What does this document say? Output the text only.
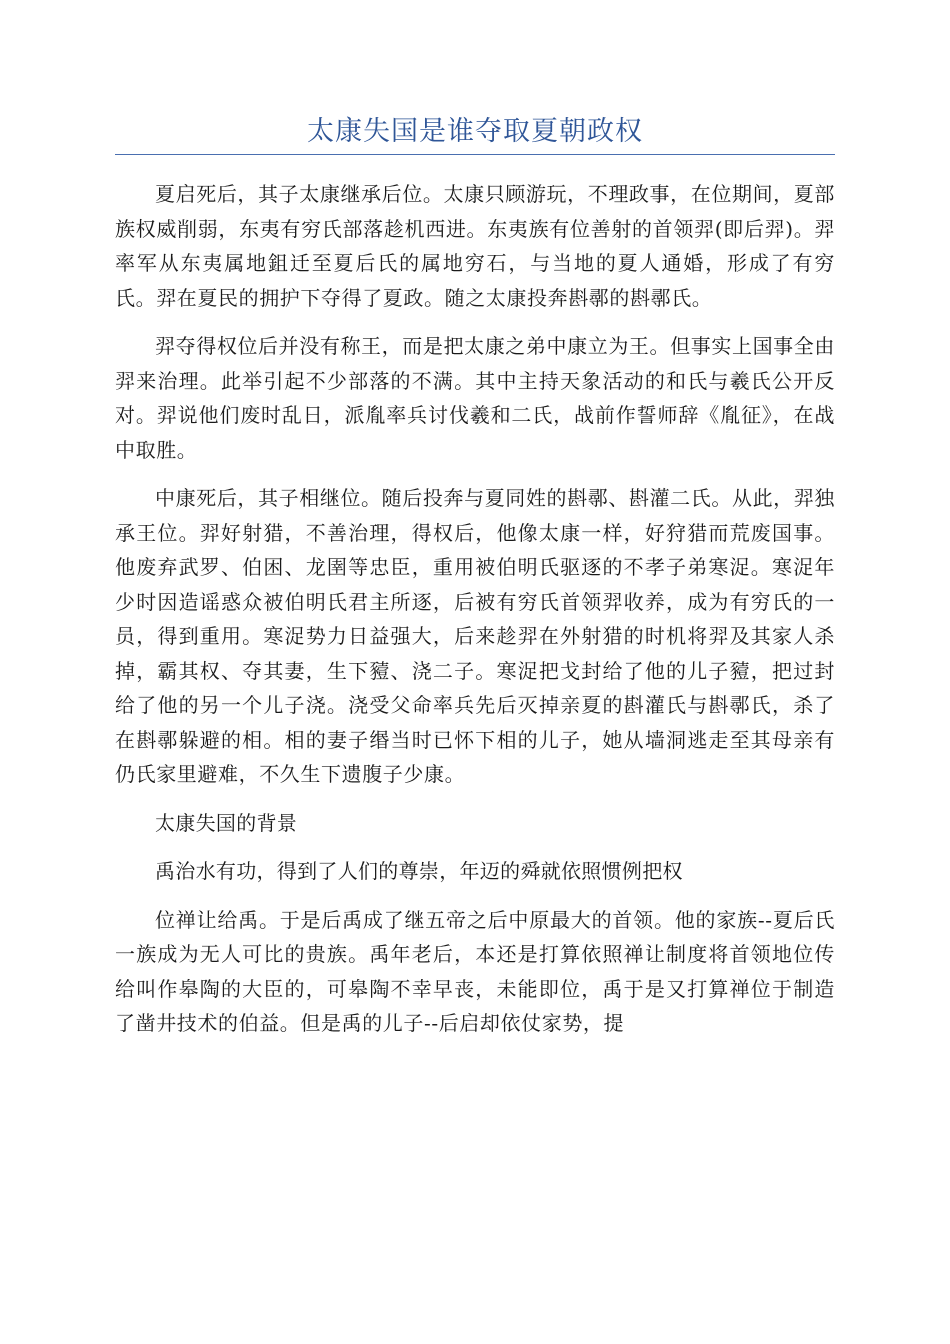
太康失国是谁夺取夏朝政权

夏启死后，其子太康继承后位。太康只顾游玩，不理政事，在位期间，夏部族权威削弱，东夷有穷氏部落趁机西进。东夷族有位善射的首领羿(即后羿)。羿率军从东夷属地鉏迁至夏后氏的属地穷石，与当地的夏人通婚，形成了有穷氏。羿在夏民的拥护下夺得了夏政。随之太康投奔斟鄩的斟鄩氏。

羿夺得权位后并没有称王，而是把太康之弟中康立为王。但事实上国事全由羿来治理。此举引起不少部落的不满。其中主持天象活动的和氏与羲氏公开反对。羿说他们废时乱日，派胤率兵讨伐羲和二氏，战前作誓师辞《胤征》，在战中取胜。

中康死后，其子相继位。随后投奔与夏同姓的斟鄩、斟灌二氏。从此，羿独承王位。羿好射猎，不善治理，得权后，他像太康一样，好狩猎而荒废国事。他废弃武罗、伯困、龙圉等忠臣，重用被伯明氏驱逐的不孝子弟寒浞。寒浞年少时因造谣惑众被伯明氏君主所逐，后被有穷氏首领羿收养，成为有穷氏的一员，得到重用。寒浞势力日益强大，后来趁羿在外射猎的时机将羿及其家人杀掉，霸其权、夺其妻，生下豷、浇二子。寒浞把戈封给了他的儿子豷，把过封给了他的另一个儿子浇。浇受父命率兵先后灭掉亲夏的斟灌氏与斟鄩氏，杀了在斟鄩躲避的相。相的妻子缗当时已怀下相的儿子，她从墙洞逃走至其母亲有仍氏家里避难，不久生下遗腹子少康。

太康失国的背景

禹治水有功，得到了人们的尊崇，年迈的舜就依照惯例把权

位禅让给禹。于是后禹成了继五帝之后中原最大的首领。他的家族--夏后氏一族成为无人可比的贵族。禹年老后，本还是打算依照禅让制度将首领地位传给叫作皋陶的大臣的，可皋陶不幸早丧，未能即位，禹于是又打算禅位于制造了凿井技术的伯益。但是禹的儿子--后启却依仗家势，提
